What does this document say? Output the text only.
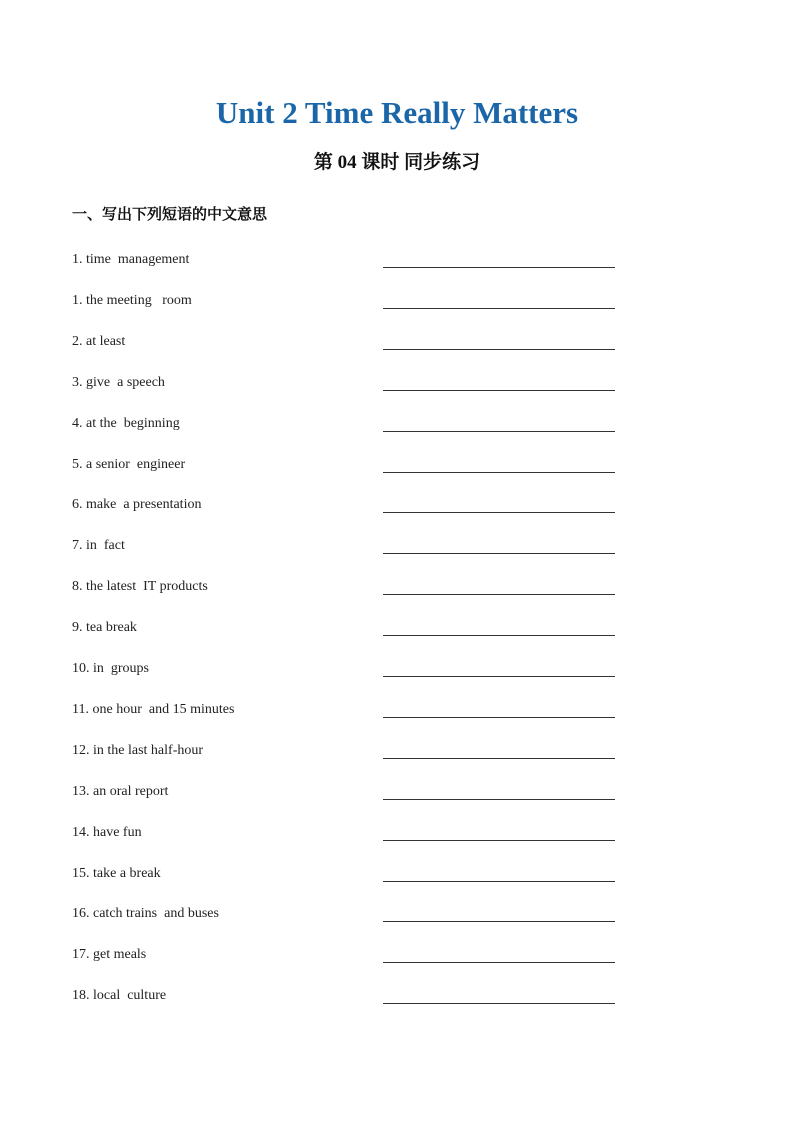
Unit 2 Time Really Matters
第 04 课时 同步练习
一、写出下列短语的中文意思
1. time  management
1. the meeting   room
2. at least
3. give  a speech
4. at the  beginning
5. a senior  engineer
6. make  a presentation
7. in  fact
8. the latest  IT products
9. tea break
10. in  groups
11. one hour  and 15 minutes
12. in the last half-hour
13. an oral report
14. have fun
15. take a break
16. catch trains  and buses
17. get meals
18. local  culture
